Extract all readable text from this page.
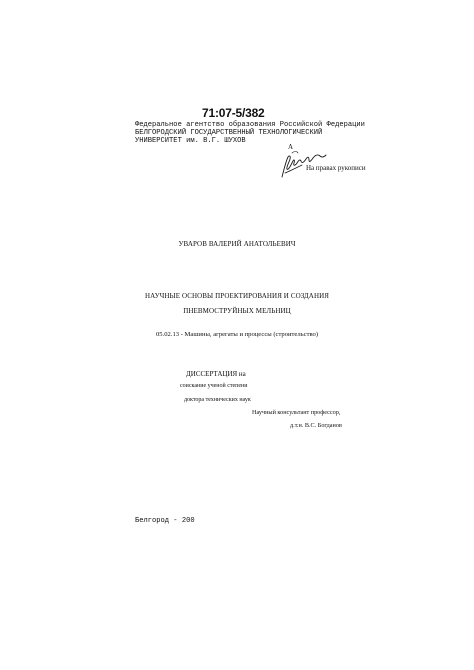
71:07-5/382
Федеральное агентство образования Российской Федерации
БЕЛГОРОДСКИЙ ГОСУДАРСТВЕННЫЙ ТЕХНОЛОГИЧЕСКИЙ
УНИВЕРСИТЕТ им. В.Г. ШУХОВ
А
На правах рукописи
УВАРОВ ВАЛЕРИЙ АНАТОЛЬЕВИЧ
НАУЧНЫЕ ОСНОВЫ ПРОЕКТИРОВАНИЯ И СОЗДАНИЯ
ПНЕВМОСТРУЙНЫХ МЕЛЬНИЦ
05.02.13 - Машины, агрегаты и процессы (строительство)
ДИССЕРТАЦИЯ на
соискание ученой степени
доктора технических наук
Научный консультант профессор,
д.т.н. В.С. Богданов
Белгород - 200
